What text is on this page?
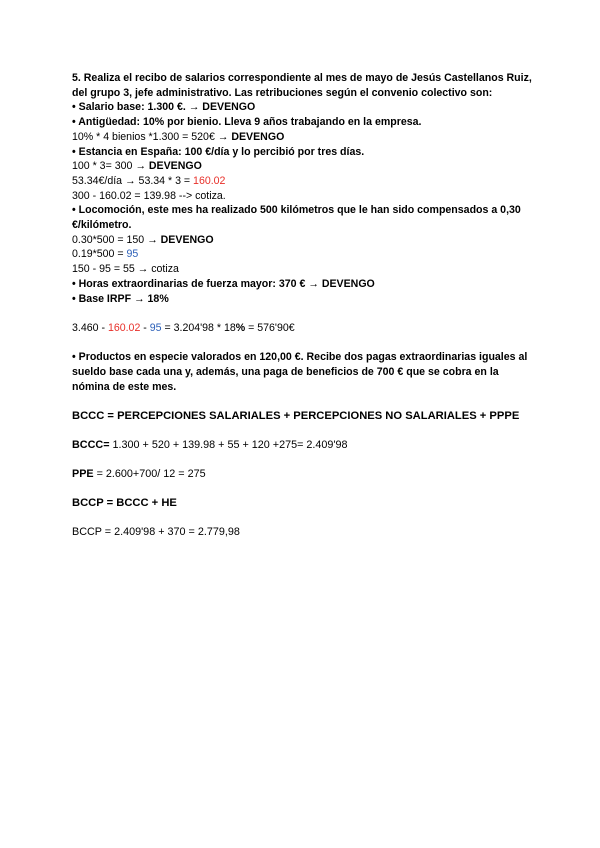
5. Realiza el recibo de salarios correspondiente al mes de mayo de Jesús Castellanos Ruiz, del grupo 3, jefe administrativo. Las retribuciones según el convenio colectivo son:
• Salario base: 1.300 €. → DEVENGO
• Antigüedad: 10% por bienio. Lleva 9 años trabajando en la empresa.
10% * 4 bienios *1.300 = 520€ → DEVENGO
• Estancia en España: 100 €/día y lo percibió por tres días.
100 * 3= 300 → DEVENGO
53.34€/día → 53.34 * 3 = 160.02
300 - 160.02 = 139.98 --> cotiza.
• Locomoción, este mes ha realizado 500 kilómetros que le han sido compensados a 0,30 €/kilómetro.
0.30*500 = 150 → DEVENGO
0.19*500 = 95
150 - 95 = 55 → cotiza
• Horas extraordinarias de fuerza mayor: 370 € → DEVENGO
• Base IRPF → 18%
3.460 - 160.02 - 95 = 3.204'98 * 18% = 576'90€
• Productos en especie valorados en 120,00 €. Recibe dos pagas extraordinarias iguales al sueldo base cada una y, además, una paga de beneficios de 700 € que se cobra en la nómina de este mes.
BCCC = PERCEPCIONES SALARIALES + PERCEPCIONES NO SALARIALES + PPPE
BCCC= 1.300 + 520 + 139.98 + 55 + 120 +275= 2.409'98
PPE = 2.600+700/ 12 = 275
BCCP = BCCC + HE
BCCP = 2.409'98 + 370 = 2.779,98
